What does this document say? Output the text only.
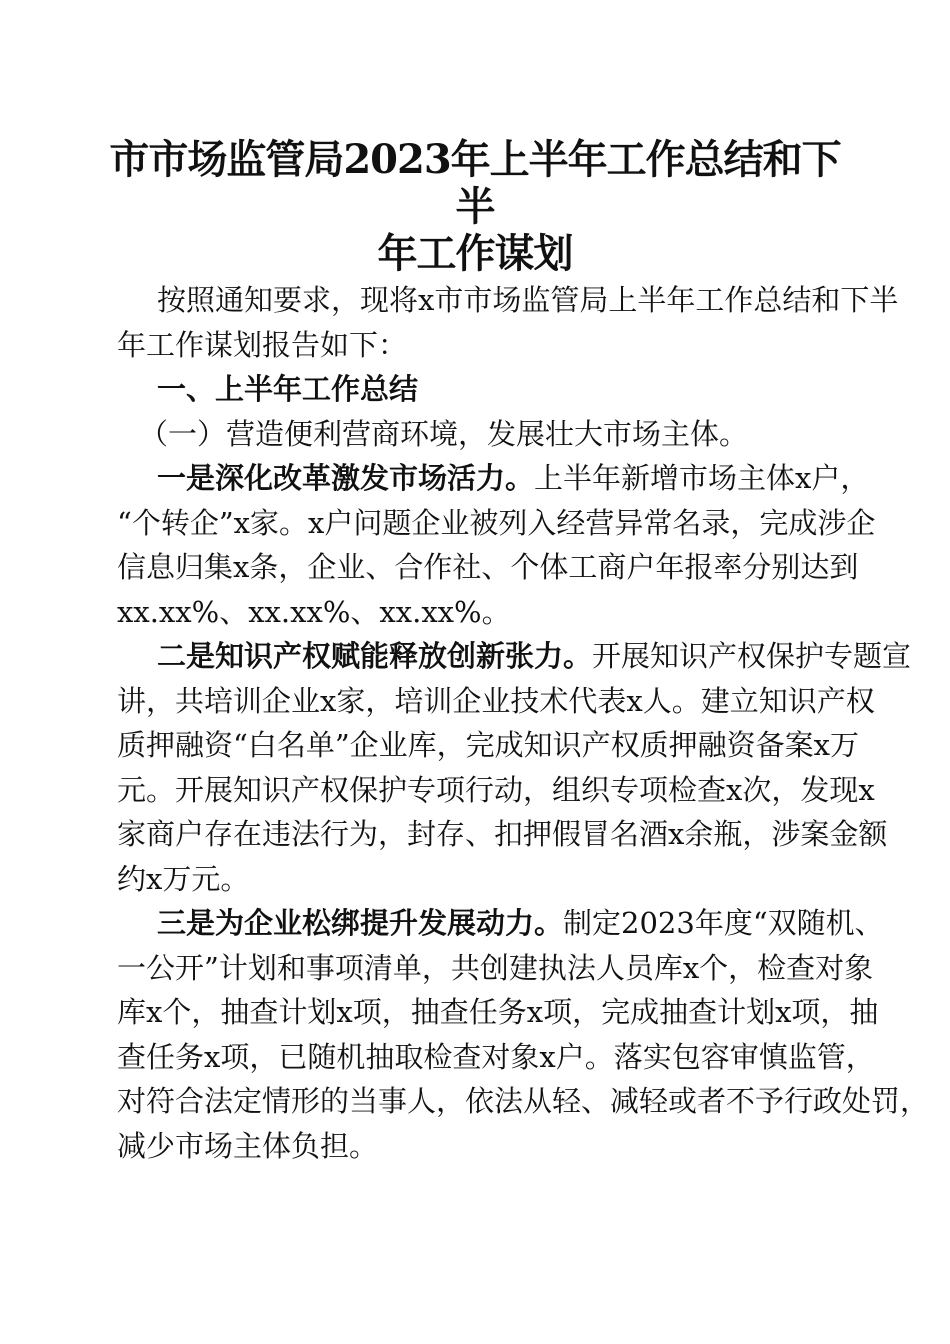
市市场监管局2023年上半年工作总结和下半
年工作谋划
按照通知要求，现将x市市场监管局上半年工作总结和下半
年工作谋划报告如下：
一、上半年工作总结
（一）营造便利营商环境，发展壮大市场主体。
一是深化改革激发市场活力。上半年新增市场主体x户，
“个转企”x家。x户问题企业被列入经营异常名录，完成涉企
信息归集x条，企业、合作社、个体工商户年报率分别达到
xx.xx%、xx.xx%、xx.xx%。
二是知识产权赋能释放创新张力。开展知识产权保护专题宣
讲，共培训企业x家，培训企业技术代表x人。建立知识产权
质押融资“白名单”企业库，完成知识产权质押融资备案x万
元。开展知识产权保护专项行动，组织专项检查x次，发现x
家商户存在违法行为，封存、扣押假冒名酒x余瓶，涉案金额
约x万元。
三是为企业松绑提升发展动力。制定2023年度“双随机、
一公开”计划和事项清单，共创建执法人员库x个，检查对象
库x个，抽查计划x项，抽查任务x项，完成抽查计划x项，抽
查任务x项，已随机抽取检查对象x户。落实包容审慎监管，
对符合法定情形的当事人，依法从轻、减轻或者不予行政处罚，
减少市场主体负担。
